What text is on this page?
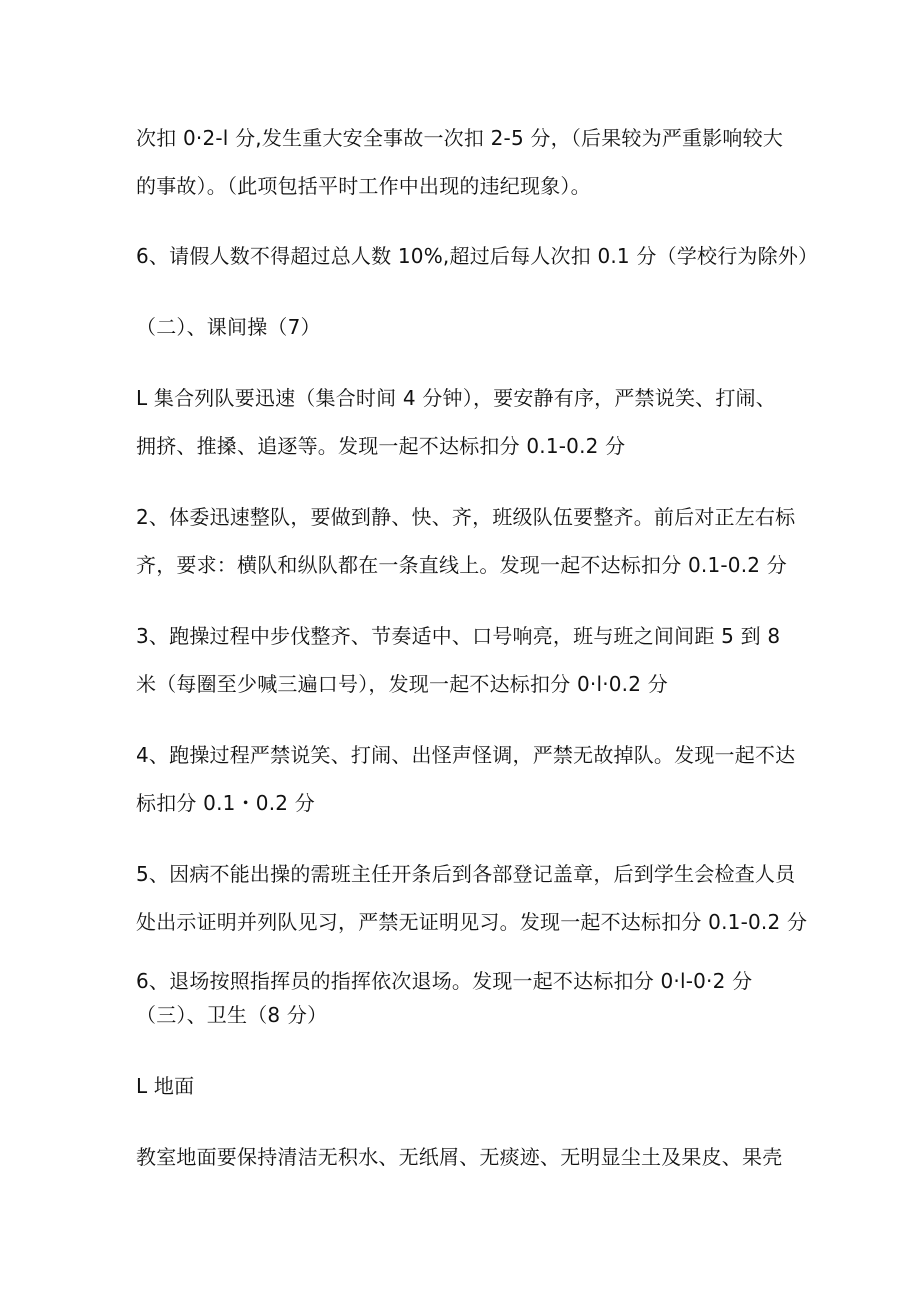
次扣 0·2-l 分,发生重大安全事故一次扣 2-5 分，（后果较为严重影响较大
的事故）。（此项包括平时工作中出现的违纪现象）。
6、请假人数不得超过总人数 10%,超过后每人次扣 0.1 分（学校行为除外）
（二）、课间操（7）
L 集合列队要迅速（集合时间 4 分钟），要安静有序，严禁说笑、打闹、
拥挤、推搡、追逐等。发现一起不达标扣分 0.1-0.2 分
2、体委迅速整队，要做到静、快、齐，班级队伍要整齐。前后对正左右标
齐，要求：横队和纵队都在一条直线上。发现一起不达标扣分 0.1-0.2 分
3、跑操过程中步伐整齐、节奏适中、口号响亮，班与班之间间距 5 到 8
米（每圈至少喊三遍口号），发现一起不达标扣分 0·l·0.2 分
4、跑操过程严禁说笑、打闹、出怪声怪调，严禁无故掉队。发现一起不达
标扣分 0.1・0.2 分
5、因病不能出操的需班主任开条后到各部登记盖章，后到学生会检查人员
处出示证明并列队见习，严禁无证明见习。发现一起不达标扣分 0.1-0.2 分
6、退场按照指挥员的指挥依次退场。发现一起不达标扣分 0·l-0·2 分
（三）、卫生（8 分）
L 地面
教室地面要保持清洁无积水、无纸屑、无痰迹、无明显尘土及果皮、果壳
